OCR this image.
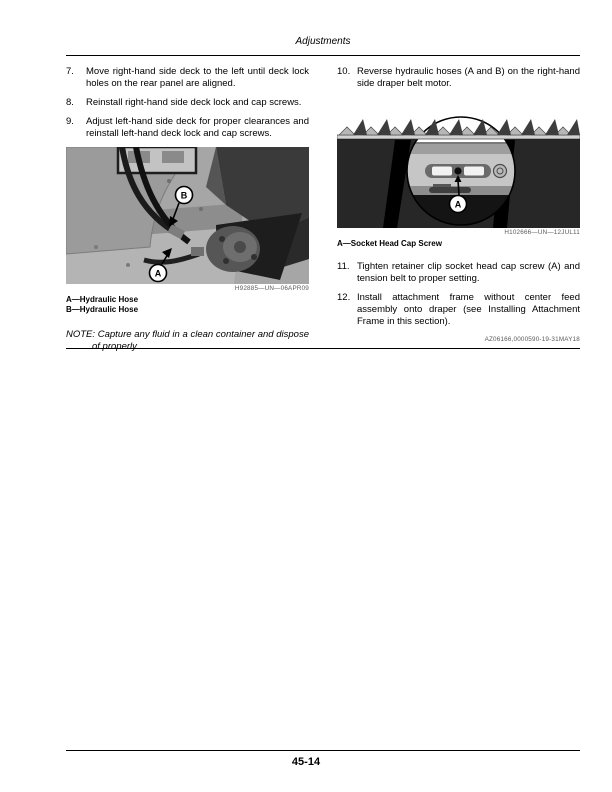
Adjustments
7.	Move right-hand side deck to the left until deck lock holes on the rear panel are aligned.
8.	Reinstall right-hand side deck lock and cap screws.
9.	Adjust left-hand side deck for proper clearances and reinstall left-hand deck lock and cap screws.
B
A
H92885—UN—06APR09
A—Hydraulic Hose
B—Hydraulic Hose
NOTE: Capture any fluid in a clean container and dispose of properly.
10. Reverse hydraulic hoses (A and B) on the right-hand side draper belt motor.
A
H102666—UN—12JUL11
A—Socket Head Cap Screw
11. Tighten retainer clip socket head cap screw (A) and tension belt to proper setting.
12. Install attachment frame without center feed assembly onto draper (see Installing Attachment Frame in this section).
AZ06166,0000590-19-31MAY18
45-14
